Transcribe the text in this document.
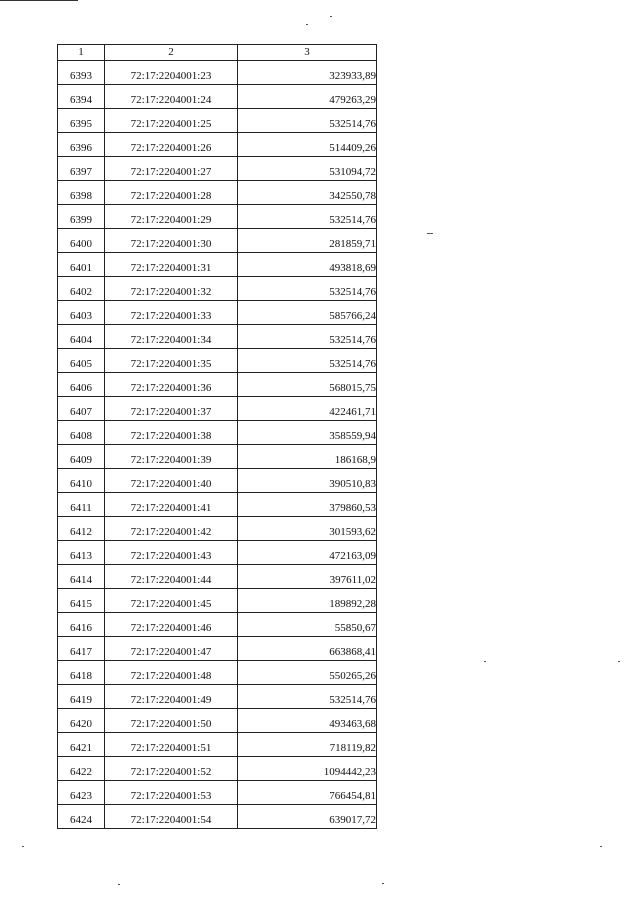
1	2	3
6393	72:17:2204001:23	323933,89
6394	72:17:2204001:24	479263,29
6395	72:17:2204001:25	532514,76
6396	72:17:2204001:26	514409,26
6397	72:17:2204001:27	531094,72
6398	72:17:2204001:28	342550,78
6399	72:17:2204001:29	532514,76
6400	72:17:2204001:30	281859,71
6401	72:17:2204001:31	493818,69
6402	72:17:2204001:32	532514,76
6403	72:17:2204001:33	585766,24
6404	72:17:2204001:34	532514,76
6405	72:17:2204001:35	532514,76
6406	72:17:2204001:36	568015,75
6407	72:17:2204001:37	422461,71
6408	72:17:2204001:38	358559,94
6409	72:17:2204001:39	186168,9
6410	72:17:2204001:40	390510,83
6411	72:17:2204001:41	379860,53
6412	72:17:2204001:42	301593,62
6413	72:17:2204001:43	472163,09
6414	72:17:2204001:44	397611,02
6415	72:17:2204001:45	189892,28
6416	72:17:2204001:46	55850,67
6417	72:17:2204001:47	663868,41
6418	72:17:2204001:48	550265,26
6419	72:17:2204001:49	532514,76
6420	72:17:2204001:50	493463,68
6421	72:17:2204001:51	718119,82
6422	72:17:2204001:52	1094442,23
6423	72:17:2204001:53	766454,81
6424	72:17:2204001:54	639017,72
